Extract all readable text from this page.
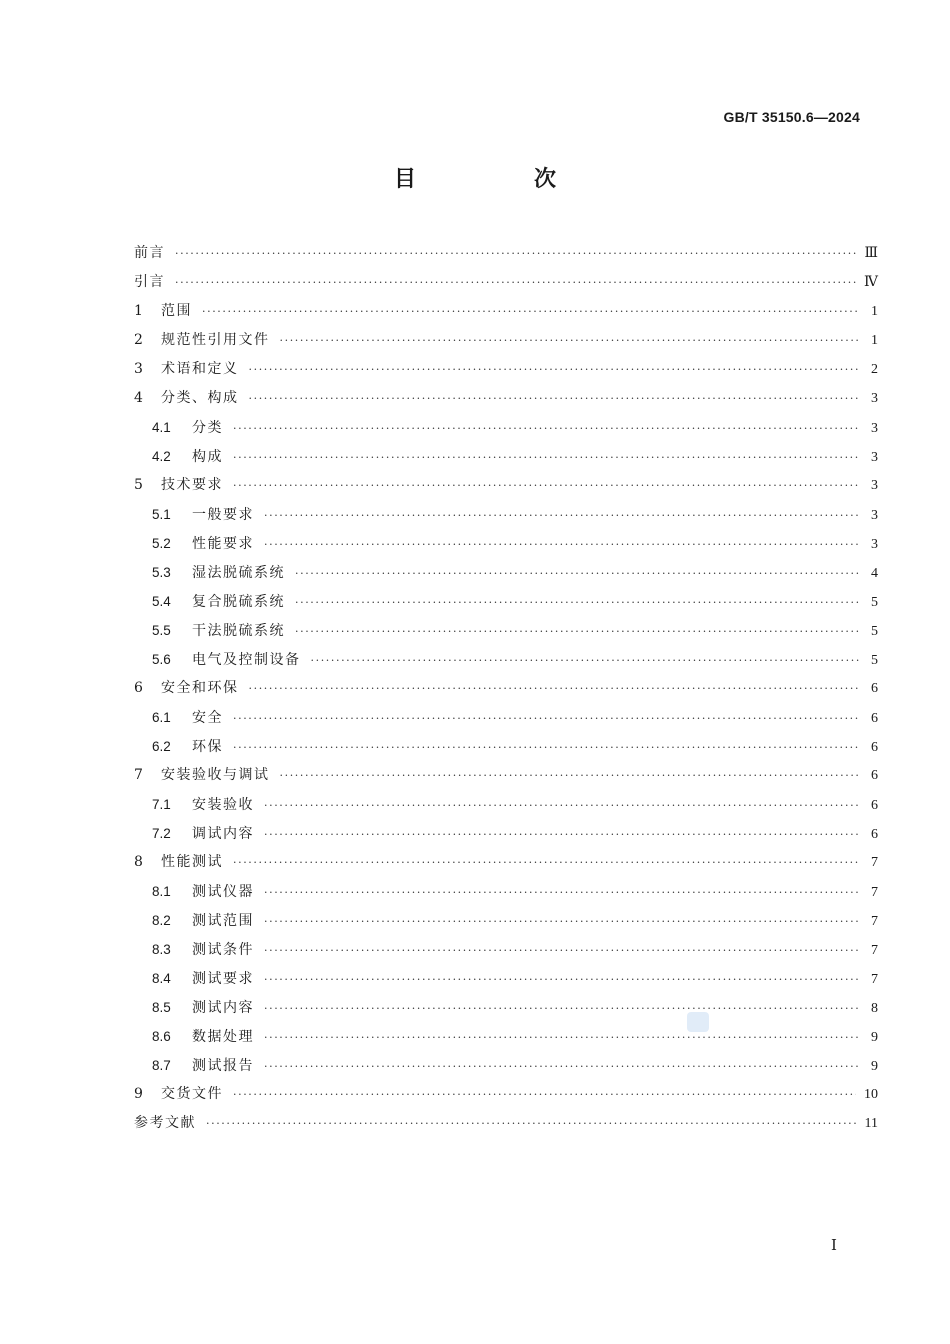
GB/T 35150.6—2024
目　次
前言 ·····	Ⅲ
引言 ·····	Ⅳ
1	范围 ·····	1
2	规范性引用文件 ·····	1
3	术语和定义 ·····	2
4	分类、构成 ·····	3
4.1	分类 ·····	3
4.2	构成 ·····	3
5	技术要求 ·····	3
5.1	一般要求 ·····	3
5.2	性能要求 ·····	3
5.3	湿法脱硫系统 ·····	4
5.4	复合脱硫系统 ·····	5
5.5	干法脱硫系统 ·····	5
5.6	电气及控制设备 ·····	5
6	安全和环保 ·····	6
6.1	安全 ·····	6
6.2	环保 ·····	6
7	安装验收与调试 ·····	6
7.1	安装验收 ·····	6
7.2	调试内容 ·····	6
8	性能测试 ·····	7
8.1	测试仪器 ·····	7
8.2	测试范围 ·····	7
8.3	测试条件 ·····	7
8.4	测试要求 ·····	7
8.5	测试内容 ·····	8
8.6	数据处理 ·····	9
8.7	测试报告 ·····	9
9	交货文件 ·····	10
参考文献 ·····	11
Ⅰ
